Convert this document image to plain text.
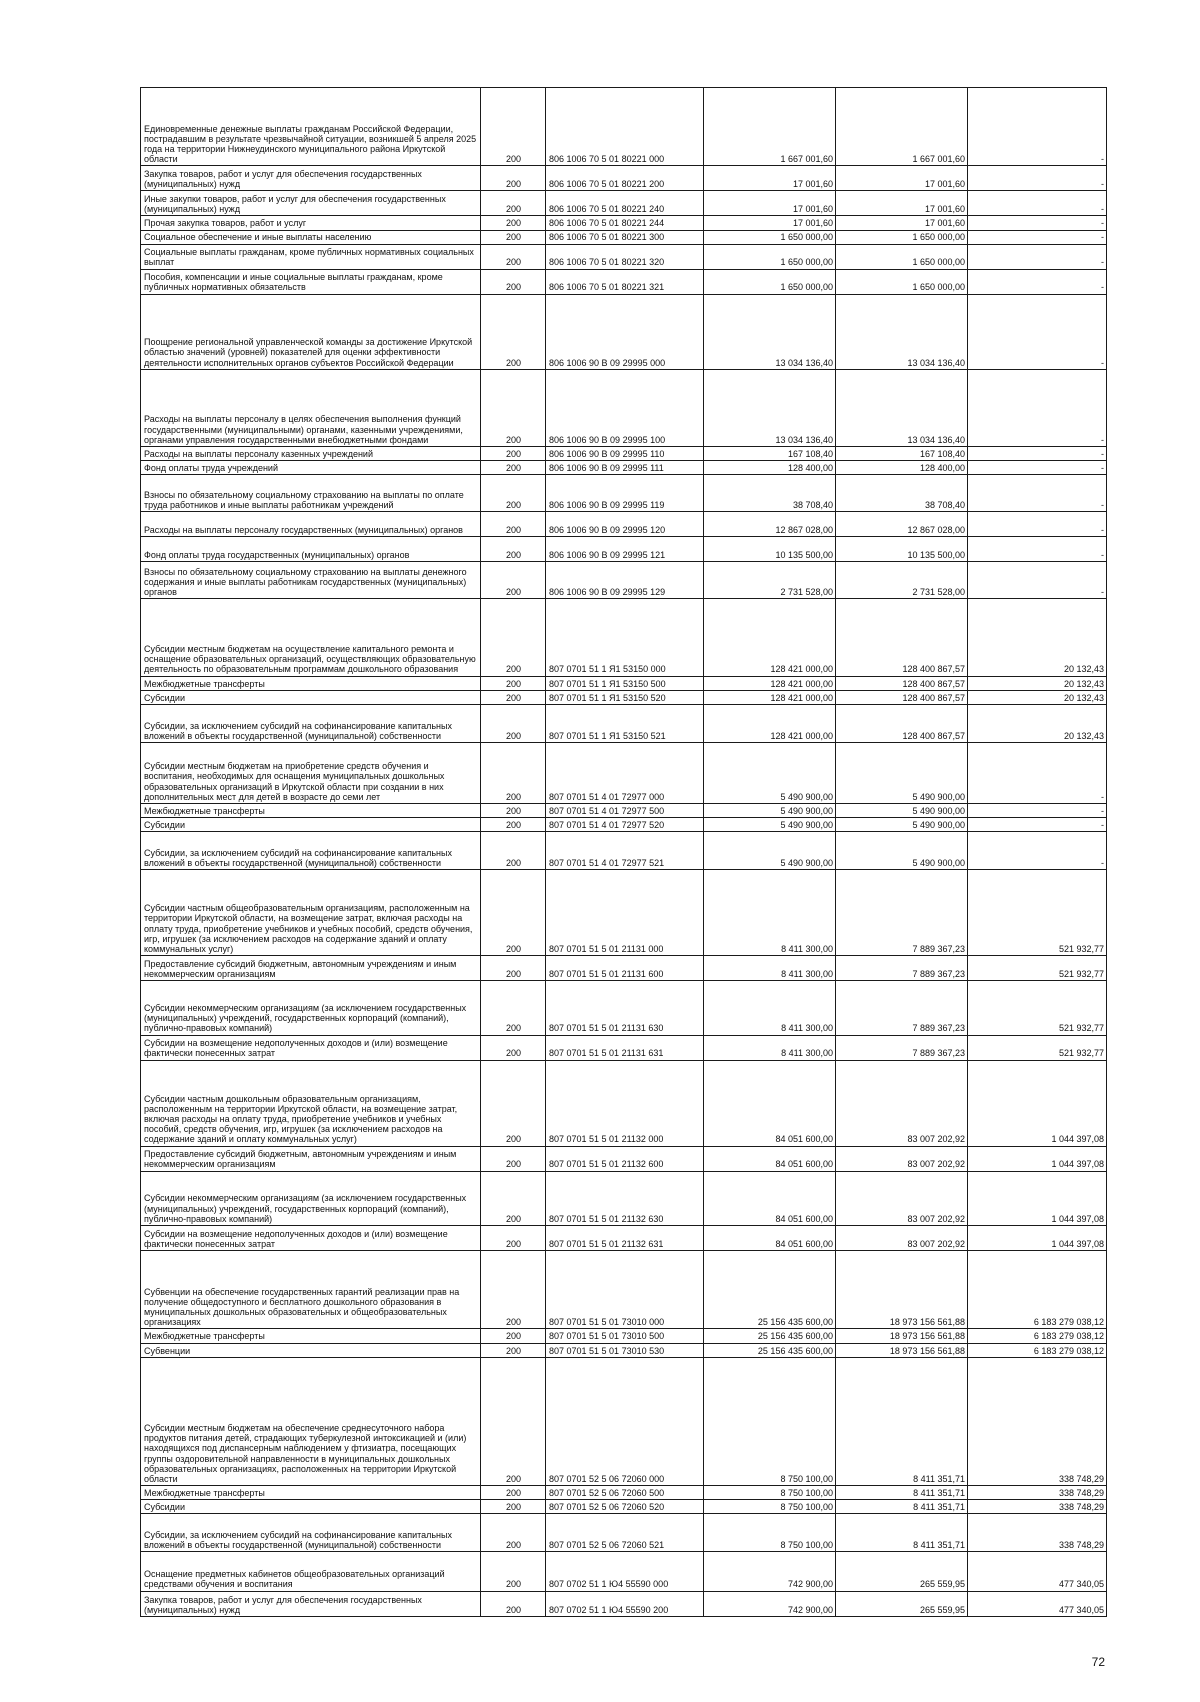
Единовременные денежные выплаты гражданам Российской Федерации, пострадавшим в результате чрезвычайной ситуации, возникшей 5 апреля 2025 года на территории Нижнеудинского муниципального района Иркутской области	200	806 1006 70 5 01 80221 000	1 667 001,60	1 667 001,60	-
Закупка товаров, работ и услуг для обеспечения государственных (муниципальных) нужд	200	806 1006 70 5 01 80221 200	17 001,60	17 001,60	-
Иные закупки товаров, работ и услуг для обеспечения государственных (муниципальных) нужд	200	806 1006 70 5 01 80221 240	17 001,60	17 001,60	-
Прочая закупка товаров, работ и услуг	200	806 1006 70 5 01 80221 244	17 001,60	17 001,60	-
Социальное обеспечение и иные выплаты населению	200	806 1006 70 5 01 80221 300	1 650 000,00	1 650 000,00	-
Социальные выплаты гражданам, кроме публичных нормативных социальных выплат	200	806 1006 70 5 01 80221 320	1 650 000,00	1 650 000,00	-
Пособия, компенсации и иные социальные выплаты гражданам, кроме публичных нормативных обязательств	200	806 1006 70 5 01 80221 321	1 650 000,00	1 650 000,00	-
Поощрение региональной управленческой команды за достижение Иркутской областью значений (уровней) показателей для оценки эффективности деятельности исполнительных органов субъектов Российской Федерации	200	806 1006 90 В 09 29995 000	13 034 136,40	13 034 136,40	-
Расходы на выплаты персоналу в целях обеспечения выполнения функций государственными (муниципальными) органами, казенными учреждениями, органами управления государственными внебюджетными фондами	200	806 1006 90 В 09 29995 100	13 034 136,40	13 034 136,40	-
Расходы на выплаты персоналу казенных учреждений	200	806 1006 90 В 09 29995 110	167 108,40	167 108,40	-
Фонд оплаты труда учреждений	200	806 1006 90 В 09 29995 111	128 400,00	128 400,00	-
Взносы по обязательному социальному страхованию на выплаты по оплате труда работников и иные выплаты работникам учреждений	200	806 1006 90 В 09 29995 119	38 708,40	38 708,40	-
Расходы на выплаты персоналу государственных (муниципальных) органов	200	806 1006 90 В 09 29995 120	12 867 028,00	12 867 028,00	-
Фонд оплаты труда государственных (муниципальных) органов	200	806 1006 90 В 09 29995 121	10 135 500,00	10 135 500,00	-
Взносы по обязательному социальному страхованию на выплаты денежного содержания и иные выплаты работникам государственных (муниципальных) органов	200	806 1006 90 В 09 29995 129	2 731 528,00	2 731 528,00	-
Субсидии местным бюджетам на осуществление капитального ремонта и оснащение образовательных организаций, осуществляющих образовательную деятельность по образовательным программам дошкольного образования	200	807 0701 51 1 Я1 53150 000	128 421 000,00	128 400 867,57	20 132,43
Межбюджетные трансферты	200	807 0701 51 1 Я1 53150 500	128 421 000,00	128 400 867,57	20 132,43
Субсидии	200	807 0701 51 1 Я1 53150 520	128 421 000,00	128 400 867,57	20 132,43
Субсидии, за исключением субсидий на софинансирование капитальных вложений в объекты государственной (муниципальной) собственности	200	807 0701 51 1 Я1 53150 521	128 421 000,00	128 400 867,57	20 132,43
Субсидии местным бюджетам на приобретение средств обучения и воспитания, необходимых для оснащения муниципальных дошкольных образовательных организаций в Иркутской области при создании в них дополнительных мест для детей в возрасте до семи лет	200	807 0701 51 4 01 72977 000	5 490 900,00	5 490 900,00	-
Межбюджетные трансферты	200	807 0701 51 4 01 72977 500	5 490 900,00	5 490 900,00	-
Субсидии	200	807 0701 51 4 01 72977 520	5 490 900,00	5 490 900,00	-
Субсидии, за исключением субсидий на софинансирование капитальных вложений в объекты государственной (муниципальной) собственности	200	807 0701 51 4 01 72977 521	5 490 900,00	5 490 900,00	-
Субсидии частным общеобразовательным организациям, расположенным на территории Иркутской области, на возмещение затрат, включая расходы на оплату труда, приобретение учебников и учебных пособий, средств обучения, игр, игрушек (за исключением расходов на содержание зданий и оплату коммунальных услуг)	200	807 0701 51 5 01 21131 000	8 411 300,00	7 889 367,23	521 932,77
Предоставление субсидий бюджетным, автономным учреждениям и иным некоммерческим организациям	200	807 0701 51 5 01 21131 600	8 411 300,00	7 889 367,23	521 932,77
Субсидии некоммерческим организациям (за исключением государственных (муниципальных) учреждений, государственных корпораций (компаний), публично-правовых компаний)	200	807 0701 51 5 01 21131 630	8 411 300,00	7 889 367,23	521 932,77
Субсидии на возмещение недополученных доходов и (или) возмещение фактически понесенных затрат	200	807 0701 51 5 01 21131 631	8 411 300,00	7 889 367,23	521 932,77
Субсидии частным дошкольным образовательным организациям, расположенным на территории Иркутской области, на возмещение затрат, включая расходы на оплату труда, приобретение учебников и учебных пособий, средств обучения, игр, игрушек (за исключением расходов на содержание зданий и оплату коммунальных услуг)	200	807 0701 51 5 01 21132 000	84 051 600,00	83 007 202,92	1 044 397,08
Предоставление субсидий бюджетным, автономным учреждениям и иным некоммерческим организациям	200	807 0701 51 5 01 21132 600	84 051 600,00	83 007 202,92	1 044 397,08
Субсидии некоммерческим организациям (за исключением государственных (муниципальных) учреждений, государственных корпораций (компаний), публично-правовых компаний)	200	807 0701 51 5 01 21132 630	84 051 600,00	83 007 202,92	1 044 397,08
Субсидии на возмещение недополученных доходов и (или) возмещение фактически понесенных затрат	200	807 0701 51 5 01 21132 631	84 051 600,00	83 007 202,92	1 044 397,08
Субвенции на обеспечение государственных гарантий реализации прав на получение общедоступного и бесплатного дошкольного образования в муниципальных дошкольных образовательных и общеобразовательных организациях	200	807 0701 51 5 01 73010 000	25 156 435 600,00	18 973 156 561,88	6 183 279 038,12
Межбюджетные трансферты	200	807 0701 51 5 01 73010 500	25 156 435 600,00	18 973 156 561,88	6 183 279 038,12
Субвенции	200	807 0701 51 5 01 73010 530	25 156 435 600,00	18 973 156 561,88	6 183 279 038,12
Субсидии местным бюджетам на обеспечение среднесуточного набора продуктов питания детей, страдающих туберкулезной интоксикацией и (или) находящихся под диспансерным наблюдением у фтизиатра, посещающих группы оздоровительной направленности в муниципальных дошкольных образовательных организациях, расположенных на территории Иркутской области	200	807 0701 52 5 06 72060 000	8 750 100,00	8 411 351,71	338 748,29
Межбюджетные трансферты	200	807 0701 52 5 06 72060 500	8 750 100,00	8 411 351,71	338 748,29
Субсидии	200	807 0701 52 5 06 72060 520	8 750 100,00	8 411 351,71	338 748,29
Субсидии, за исключением субсидий на софинансирование капитальных вложений в объекты государственной (муниципальной) собственности	200	807 0701 52 5 06 72060 521	8 750 100,00	8 411 351,71	338 748,29
Оснащение предметных кабинетов общеобразовательных организаций средствами обучения и воспитания	200	807 0702 51 1 Ю4 55590 000	742 900,00	265 559,95	477 340,05
Закупка товаров, работ и услуг для обеспечения государственных (муниципальных) нужд	200	807 0702 51 1 Ю4 55590 200	742 900,00	265 559,95	477 340,05
72
